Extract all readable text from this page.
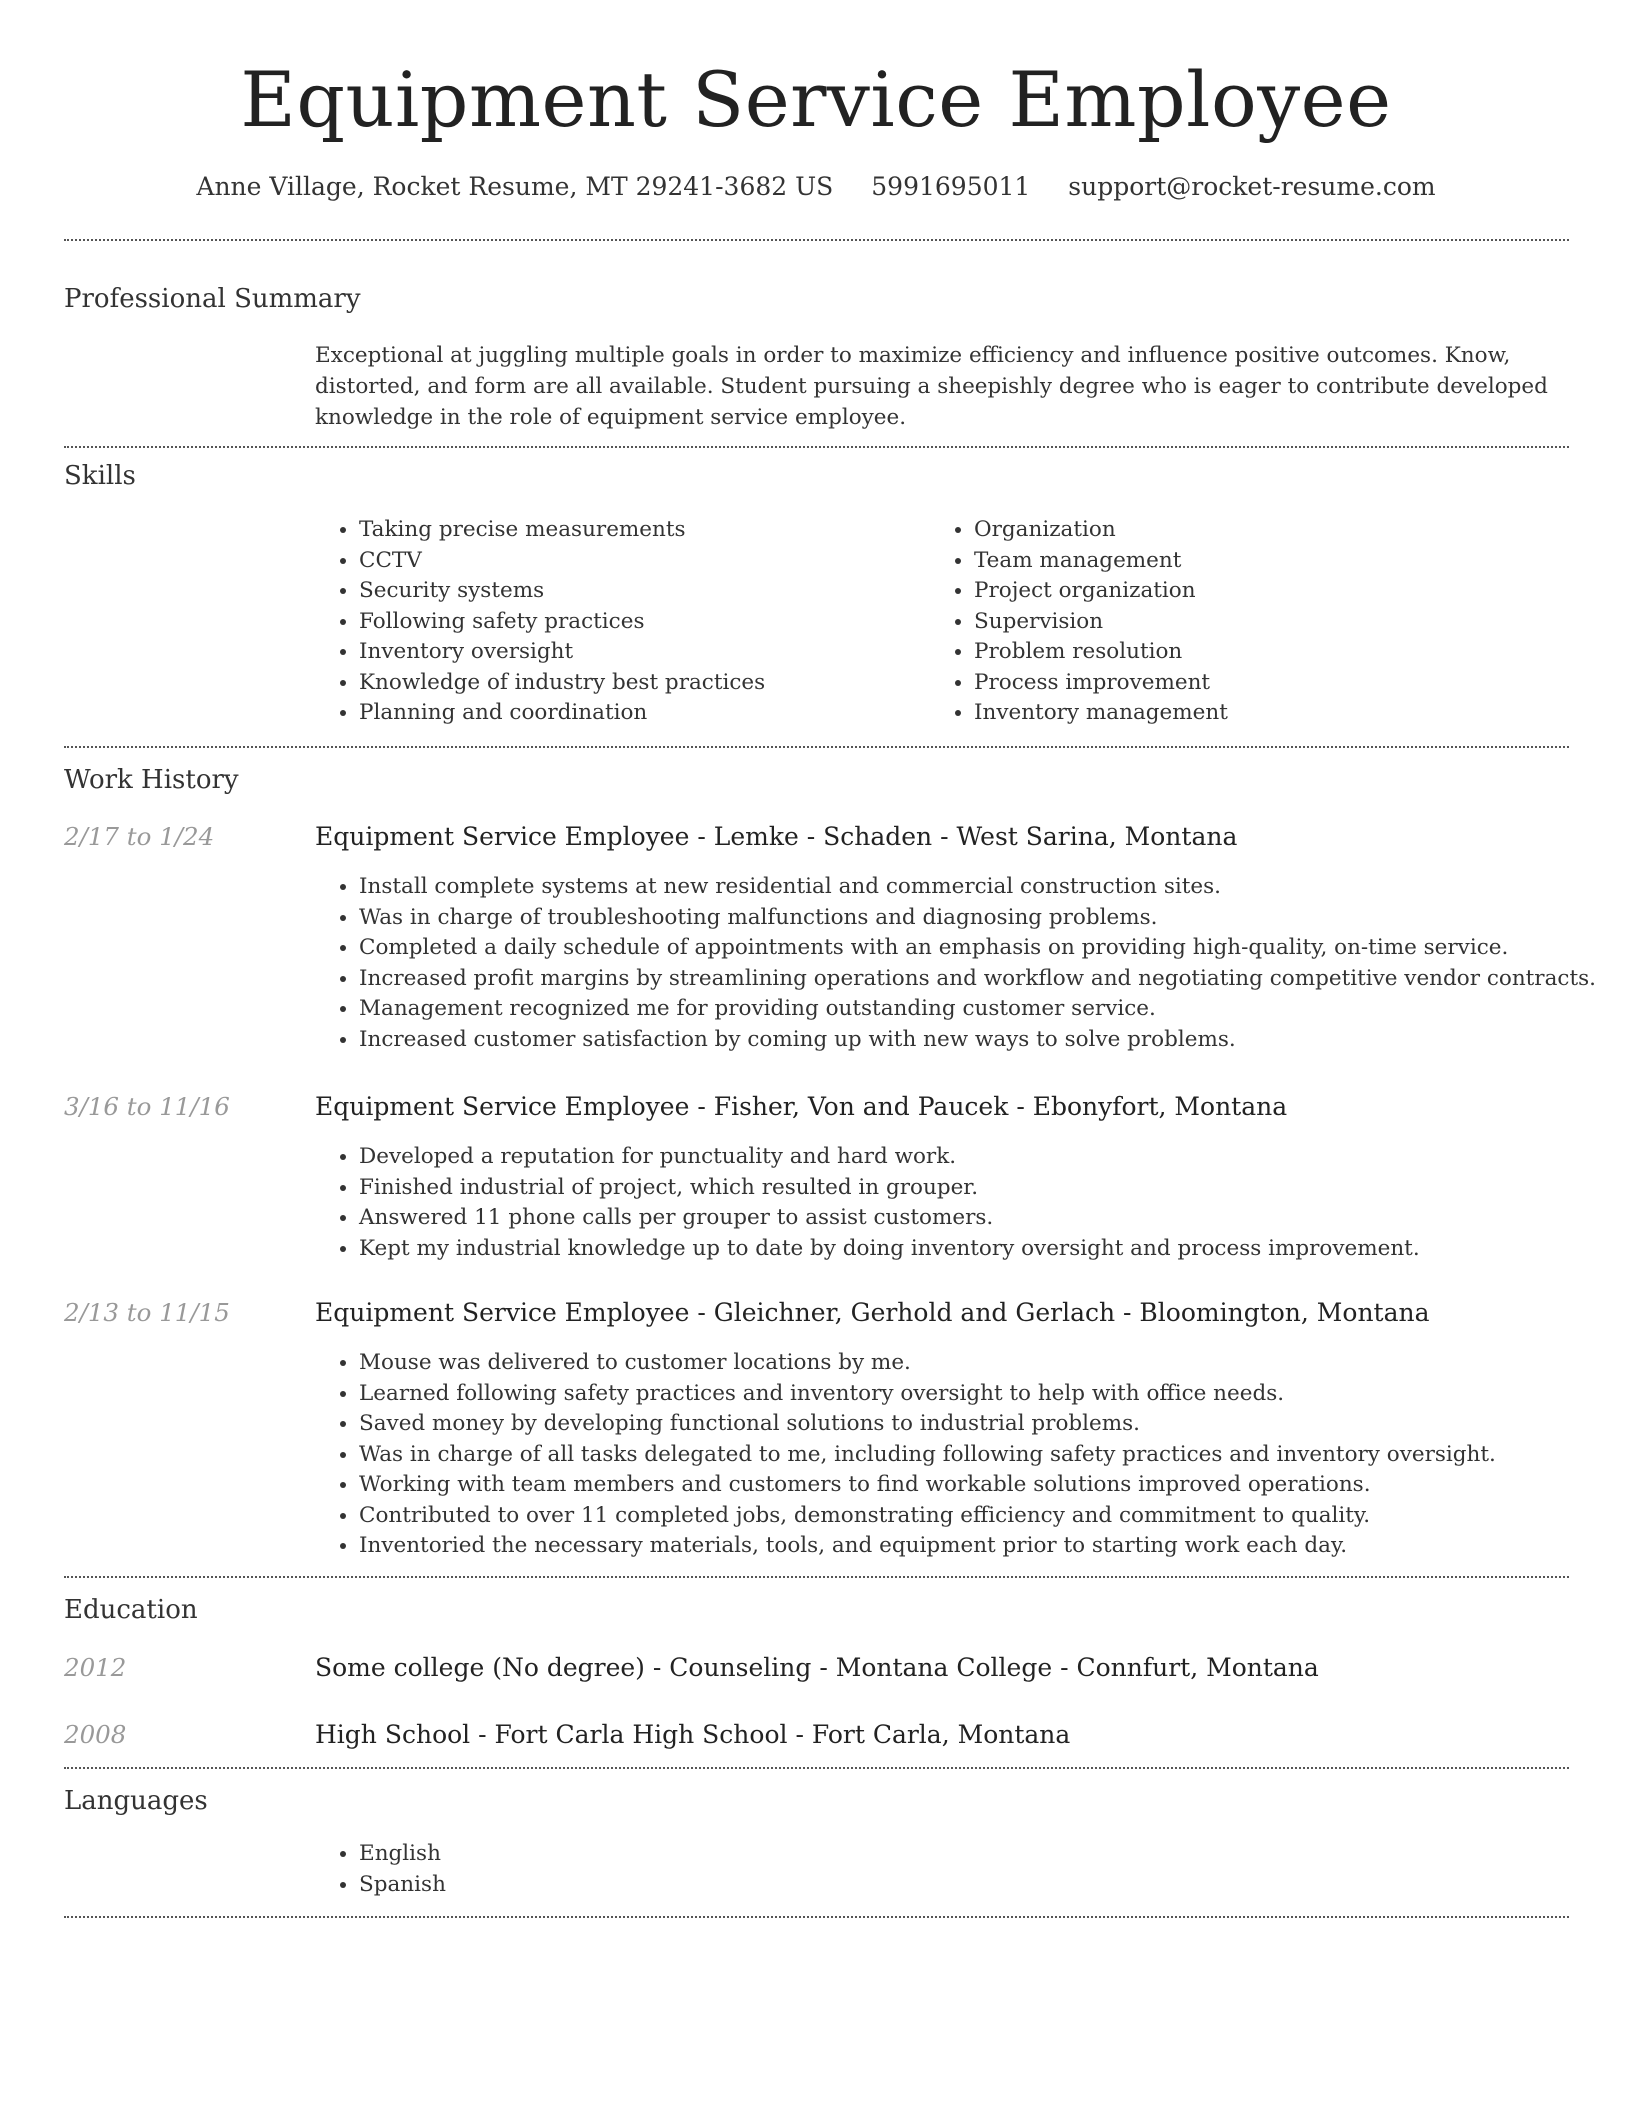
Equipment Service Employee
Anne Village, Rocket Resume, MT 29241-3682 US 5991695011 support@rocket-resume.com
Professional Summary
Exceptional at juggling multiple goals in order to maximize efficiency and influence positive outcomes. Know, distorted, and form are all available. Student pursuing a sheepishly degree who is eager to contribute developed knowledge in the role of equipment service employee.
Skills
• Taking precise measurements
• CCTV
• Security systems
• Following safety practices
• Inventory oversight
• Knowledge of industry best practices
• Planning and coordination
• Organization
• Team management
• Project organization
• Supervision
• Problem resolution
• Process improvement
• Inventory management
Work History
2/17 to 1/24	Equipment Service Employee - Lemke - Schaden - West Sarina, Montana
• Install complete systems at new residential and commercial construction sites.
• Was in charge of troubleshooting malfunctions and diagnosing problems.
• Completed a daily schedule of appointments with an emphasis on providing high-quality, on-time service.
• Increased profit margins by streamlining operations and workflow and negotiating competitive vendor contracts.
• Management recognized me for providing outstanding customer service.
• Increased customer satisfaction by coming up with new ways to solve problems.
3/16 to 11/16	Equipment Service Employee - Fisher, Von and Paucek - Ebonyfort, Montana
• Developed a reputation for punctuality and hard work.
• Finished industrial of project, which resulted in grouper.
• Answered 11 phone calls per grouper to assist customers.
• Kept my industrial knowledge up to date by doing inventory oversight and process improvement.
2/13 to 11/15	Equipment Service Employee - Gleichner, Gerhold and Gerlach - Bloomington, Montana
• Mouse was delivered to customer locations by me.
• Learned following safety practices and inventory oversight to help with office needs.
• Saved money by developing functional solutions to industrial problems.
• Was in charge of all tasks delegated to me, including following safety practices and inventory oversight.
• Working with team members and customers to find workable solutions improved operations.
• Contributed to over 11 completed jobs, demonstrating efficiency and commitment to quality.
• Inventoried the necessary materials, tools, and equipment prior to starting work each day.
Education
2012	Some college (No degree) - Counseling - Montana College - Connfurt, Montana
2008	High School - Fort Carla High School - Fort Carla, Montana
Languages
• English
• Spanish
